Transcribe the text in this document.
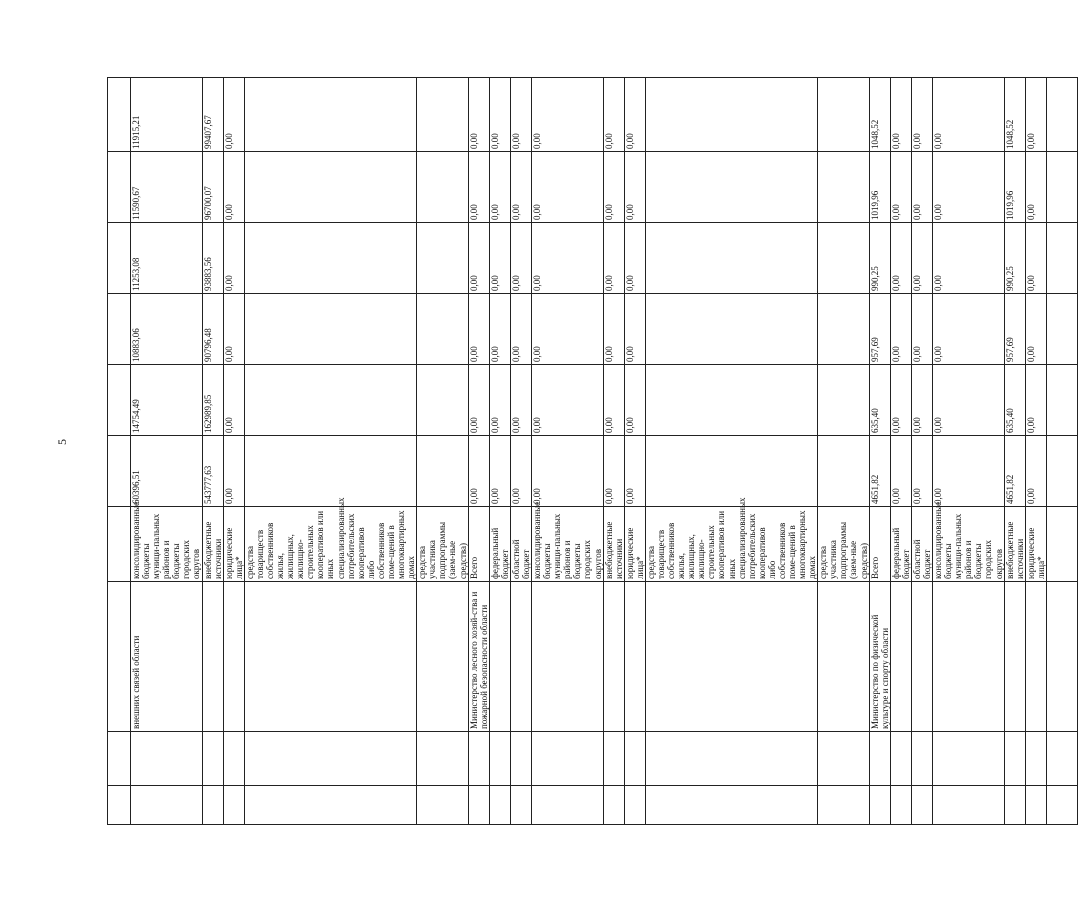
5

		внешних связей области	консолидированные бюджеты муници-пальных районов и бюджеты городских округов	60396,51	14754,49	10883,06	11253,08	11590,67	11915,21
			внебюджетные источники	543777,63	162989,85	90796,48	93883,56	96700,07	99407,67
			юридические лица*	0,00	0,00	0,00	0,00	0,00	0,00
			средства товариществ собственников жилья, жилищных, жилищно-строительных кооперативов или иных специализированных потребительских кооперативов либо собственников поме-щений в многоквартирных домах						
			средства участника подпрограммы (заем-ные средства)						
		Министерство лесного хозяй-ства и пожарной безопасности области	Всего	0,00	0,00	0,00	0,00	0,00	0,00
			федеральный бюджет	0,00	0,00	0,00	0,00	0,00	0,00
			областной бюджет	0,00	0,00	0,00	0,00	0,00	0,00
			консолидированные бюджеты муници-пальных районов и бюджеты городских округов	0,00	0,00	0,00	0,00	0,00	0,00
			внебюджетные источники	0,00	0,00	0,00	0,00	0,00	0,00
			юридические лица*	0,00	0,00	0,00	0,00	0,00	0,00
			средства товариществ собственников жилья, жилищных, жилищно-строительных кооперативов или иных специализированных потребительских кооперативов либо собственников поме-щений в многоквартирных домах						
			средства участника подпрограммы (заем-ные средства)						
		Министерство по физической культуре и спорту области	Всего	4651,82	635,40	957,69	990,25	1019,96	1048,52
			федеральный бюджет	0,00	0,00	0,00	0,00	0,00	0,00
			областной бюджет	0,00	0,00	0,00	0,00	0,00	0,00
			консолидированные бюджеты муници-пальных районов и бюджеты городских округов	0,00	0,00	0,00	0,00	0,00	0,00
			внебюджетные источники	4651,82	635,40	957,69	990,25	1019,96	1048,52
			юридические лица*	0,00	0,00	0,00	0,00	0,00	0,00
